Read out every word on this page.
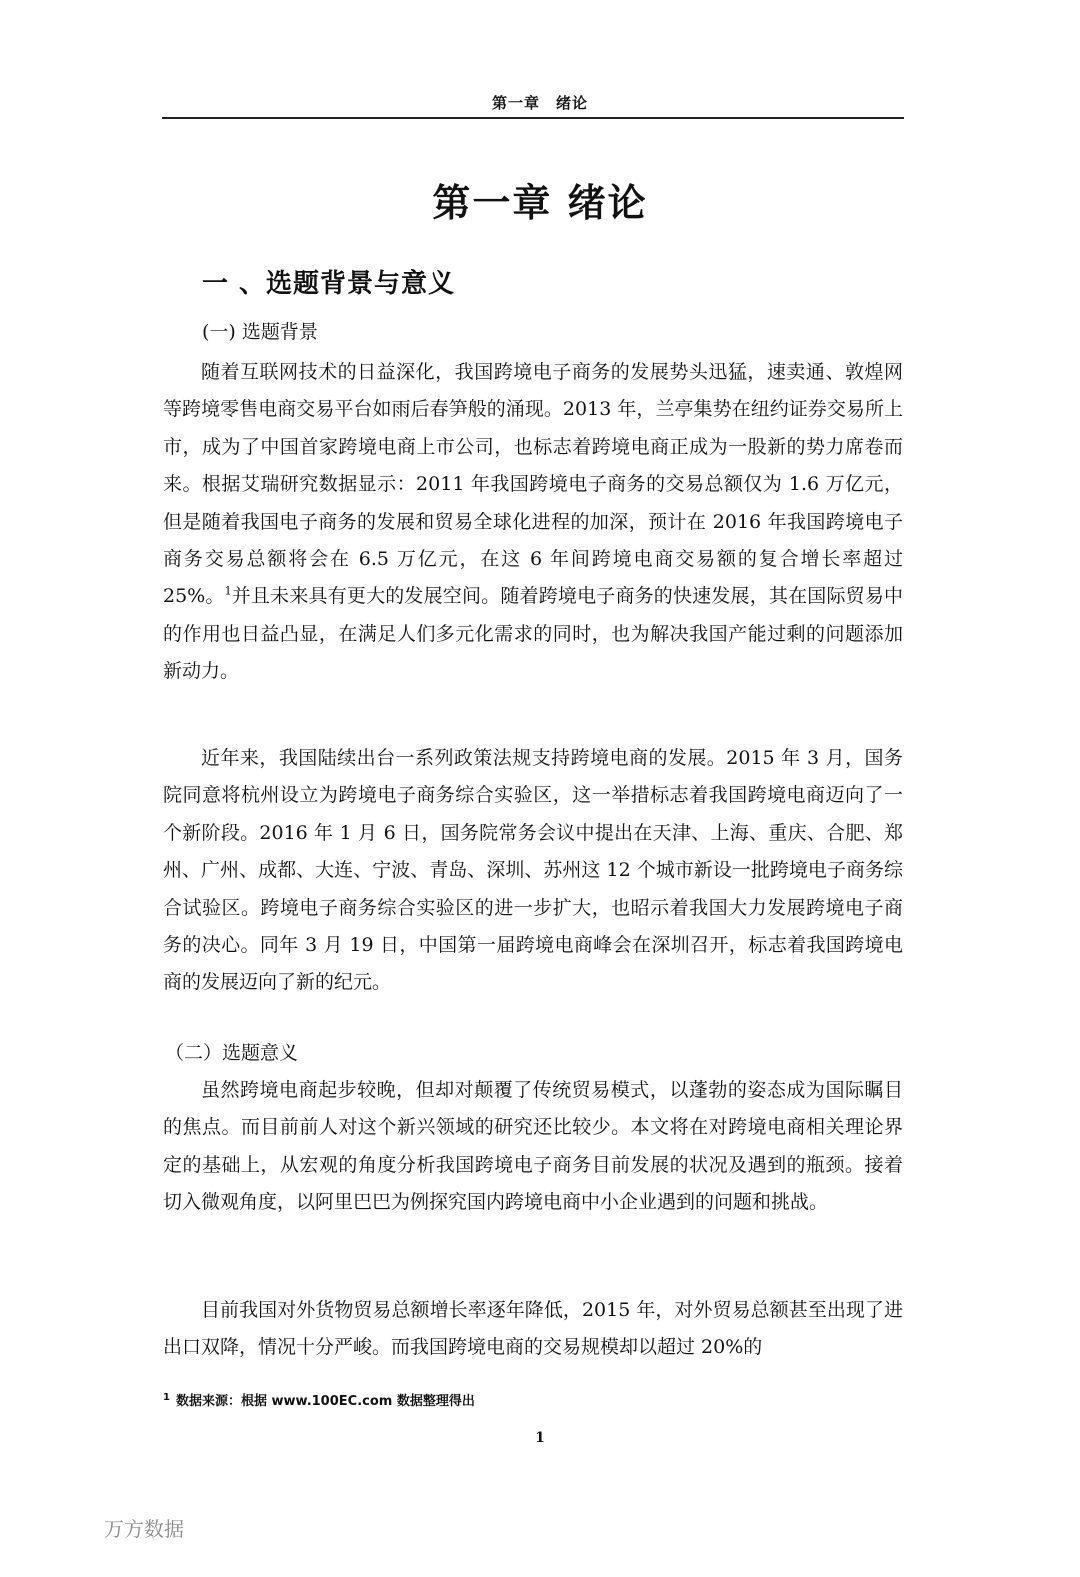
第一章　绪论
第一章 绪论
一 、选题背景与意义
(一) 选题背景

随着互联网技术的日益深化，我国跨境电子商务的发展势头迅猛，速卖通、敦煌网等跨境零售电商交易平台如雨后春笋般的涌现。2013 年，兰亭集势在纽约证券交易所上市，成为了中国首家跨境电商上市公司，也标志着跨境电商正成为一股新的势力席卷而来。根据艾瑞研究数据显示：2011 年我国跨境电子商务的交易总额仅为 1.6 万亿元，但是随着我国电子商务的发展和贸易全球化进程的加深，预计在 2016 年我国跨境电子商务交易总额将会在 6.5 万亿元，在这 6 年间跨境电商交易额的复合增长率超过 25%。$^1$并且未来具有更大的发展空间。随着跨境电子商务的快速发展，其在国际贸易中的作用也日益凸显，在满足人们多元化需求的同时，也为解决我国产能过剩的问题添加新动力。

近年来，我国陆续出台一系列政策法规支持跨境电商的发展。2015 年 3 月，国务院同意将杭州设立为跨境电子商务综合实验区，这一举措标志着我国跨境电商迈向了一个新阶段。2016 年 1 月 6 日，国务院常务会议中提出在天津、上海、重庆、合肥、郑州、广州、成都、大连、宁波、青岛、深圳、苏州这 12 个城市新设一批跨境电子商务综合试验区。跨境电子商务综合实验区的进一步扩大，也昭示着我国大力发展跨境电子商务的决心。同年 3 月 19 日，中国第一届跨境电商峰会在深圳召开，标志着我国跨境电商的发展迈向了新的纪元。

（二）选题意义

虽然跨境电商起步较晚，但却对颠覆了传统贸易模式，以蓬勃的姿态成为国际瞩目的焦点。而目前前人对这个新兴领域的研究还比较少。本文将在对跨境电商相关理论界定的基础上，从宏观的角度分析我国跨境电子商务目前发展的状况及遇到的瓶颈。接着切入微观角度，以阿里巴巴为例探究国内跨境电商中小企业遇到的问题和挑战。

目前我国对外货物贸易总额增长率逐年降低，2015 年，对外贸易总额甚至出现了进出口双降，情况十分严峻。而我国跨境电商的交易规模却以超过 20%的

$^1$ 数据来源：根据 www.100EC.com 数据整理得出
1
万方数据
